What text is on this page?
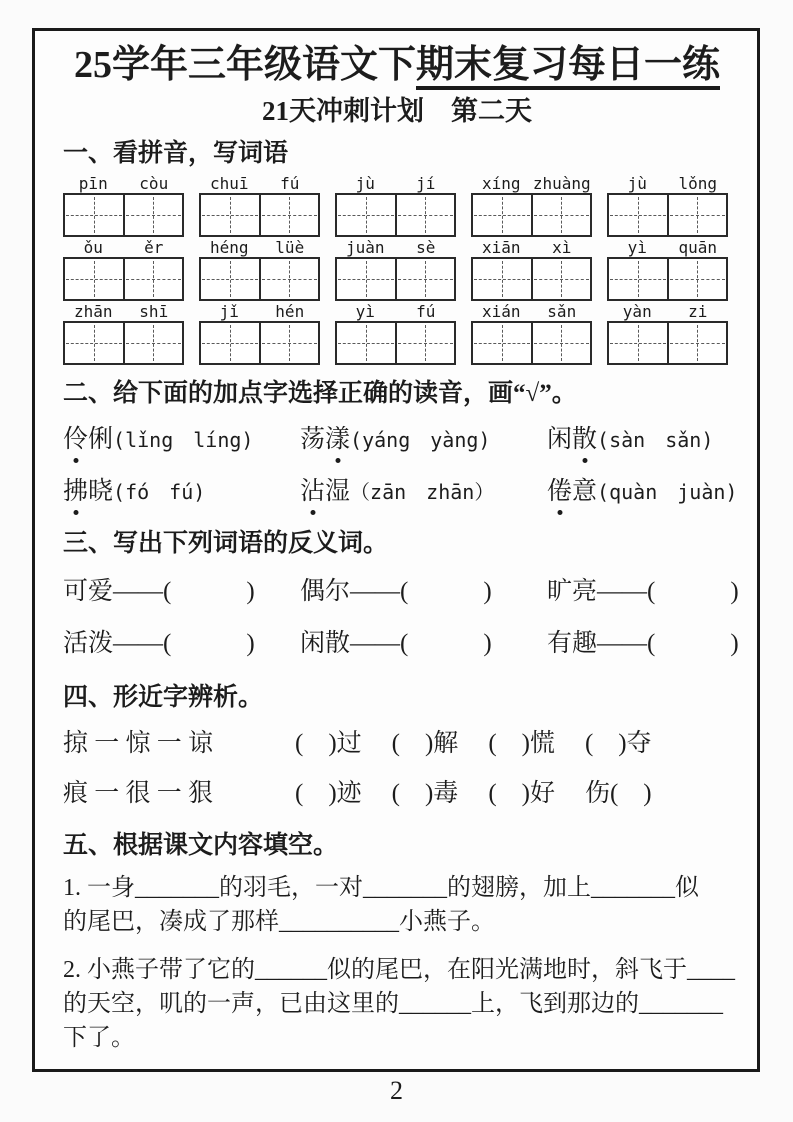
25学年三年级语文下期末复习每日一练
21天冲刺计划　第二天
一、看拼音，写词语
pīn	còu	chuī	fú	jù	jí	xíng zhuàng	jù	lǒng
ǒu	ěr	héng	lüè	juàn	sè	xiān	xì	yì	quān
zhān	shī	jǐ	hén	yì	fú	xián	sǎn	yàn	zi
二、给下面的加点字选择正确的读音，画“√”。
伶俐(lǐng　líng)	荡漾(yáng　yàng)	闲散(sàn　sǎn)
拂晓(fó　fú)	沾湿（zān　zhān）	倦意(quàn　juàn)
三、写出下列词语的反义词。
可爱——(　　　)	偶尔——(　　　)	旷亮——(　　　)
活泼——(　　　)	闲散——(　　　)	有趣——(　　　)
四、形近字辨析。
掠 一 惊 一 谅	(　)过 (　)解 (　)慌 (　)夺
痕 一 很 一 狠	(　)迹 (　)毒 (　)好 伤(　)
五、根据课文内容填空。
1. 一身_______的羽毛，一对_______的翅膀，加上_______似
的尾巴，凑成了那样__________小燕子。
2. 小燕子带了它的______似的尾巴，在阳光满地时，斜飞于____
的天空，叽的一声，已由这里的______上，飞到那边的_______
下了。
2
